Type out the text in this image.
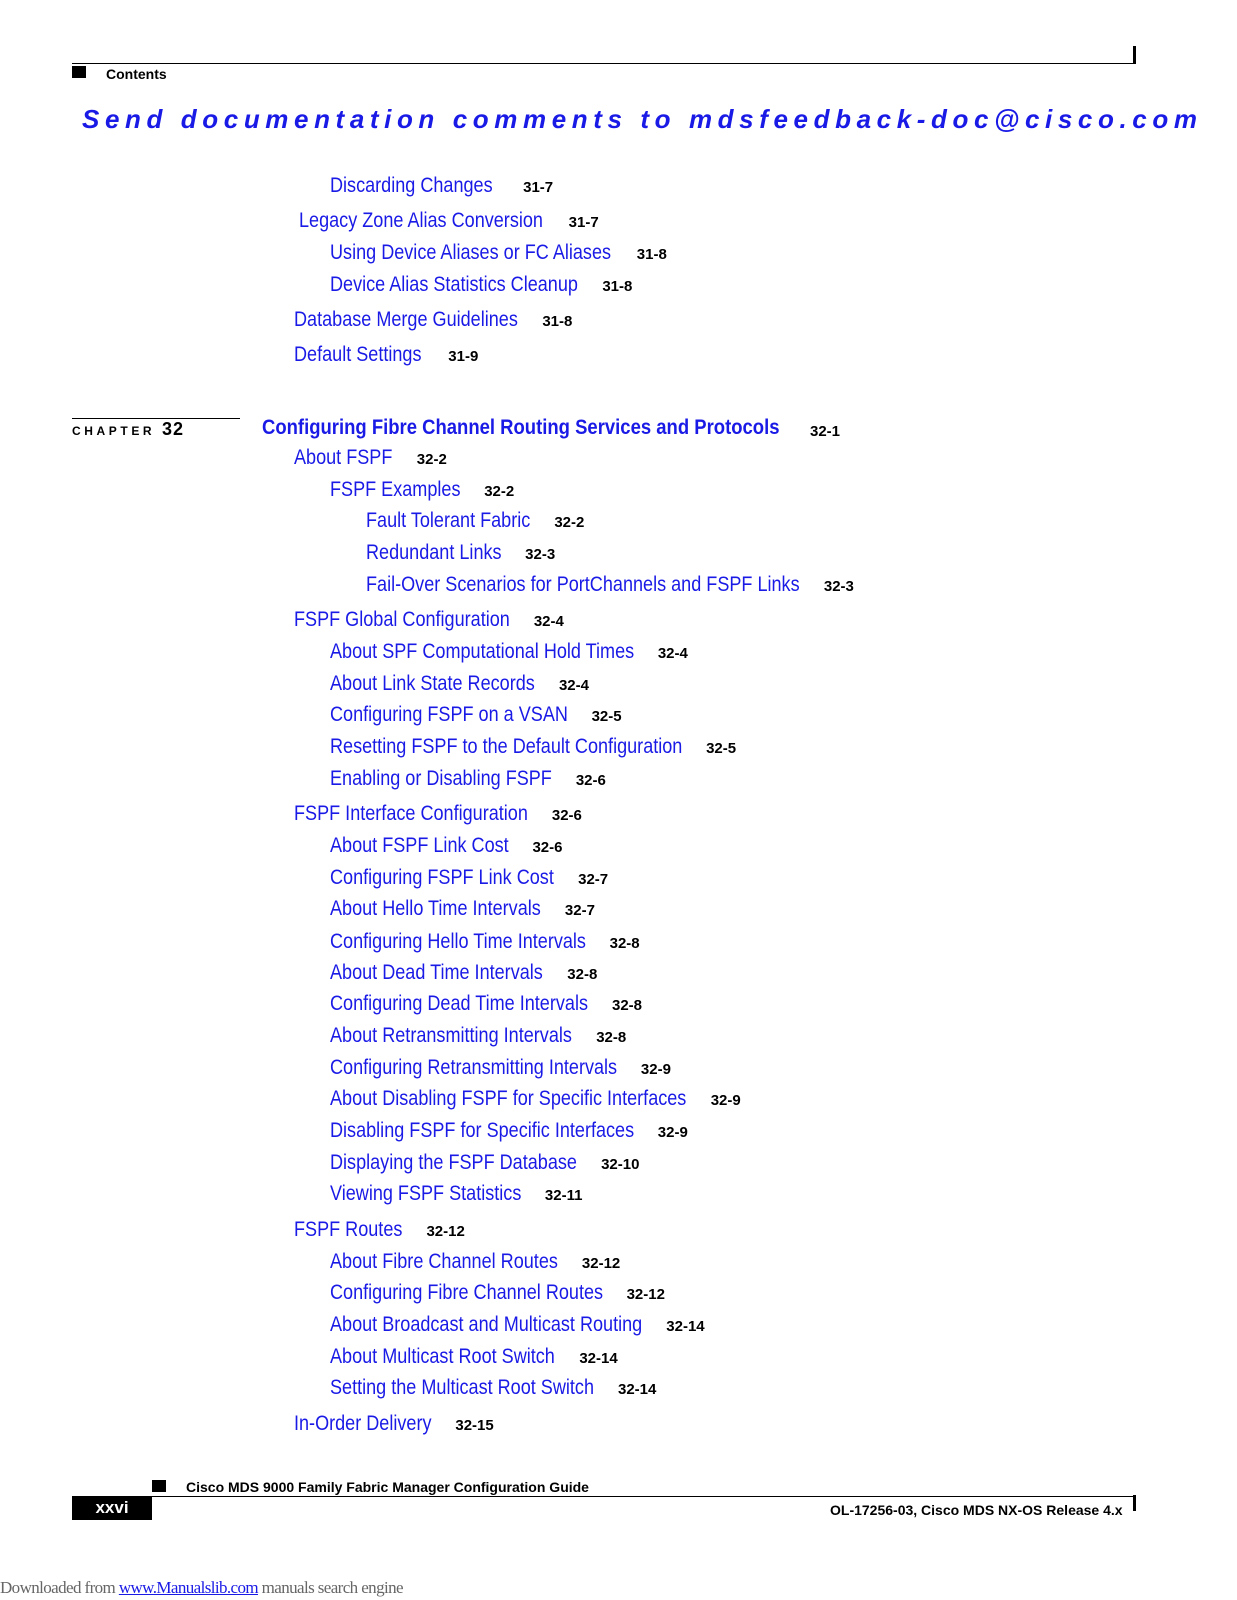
Contents
Send documentation comments to mdsfeedback-doc@cisco.com
Discarding Changes 31-7
Legacy Zone Alias Conversion 31-7
Using Device Aliases or FC Aliases 31-8
Device Alias Statistics Cleanup 31-8
Database Merge Guidelines 31-8
Default Settings 31-9
CHAPTER 32	Configuring Fibre Channel Routing Services and Protocols 32-1
About FSPF 32-2
FSPF Examples 32-2
Fault Tolerant Fabric 32-2
Redundant Links 32-3
Fail-Over Scenarios for PortChannels and FSPF Links 32-3
FSPF Global Configuration 32-4
About SPF Computational Hold Times 32-4
About Link State Records 32-4
Configuring FSPF on a VSAN 32-5
Resetting FSPF to the Default Configuration 32-5
Enabling or Disabling FSPF 32-6
FSPF Interface Configuration 32-6
About FSPF Link Cost 32-6
Configuring FSPF Link Cost 32-7
About Hello Time Intervals 32-7
Configuring Hello Time Intervals 32-8
About Dead Time Intervals 32-8
Configuring Dead Time Intervals 32-8
About Retransmitting Intervals 32-8
Configuring Retransmitting Intervals 32-9
About Disabling FSPF for Specific Interfaces 32-9
Disabling FSPF for Specific Interfaces 32-9
Displaying the FSPF Database 32-10
Viewing FSPF Statistics 32-11
FSPF Routes 32-12
About Fibre Channel Routes 32-12
Configuring Fibre Channel Routes 32-12
About Broadcast and Multicast Routing 32-14
About Multicast Root Switch 32-14
Setting the Multicast Root Switch 32-14
In-Order Delivery 32-15
Cisco MDS 9000 Family Fabric Manager Configuration Guide
xxvi	OL-17256-03, Cisco MDS NX-OS Release 4.x
Downloaded from www.Manualslib.com manuals search engine
